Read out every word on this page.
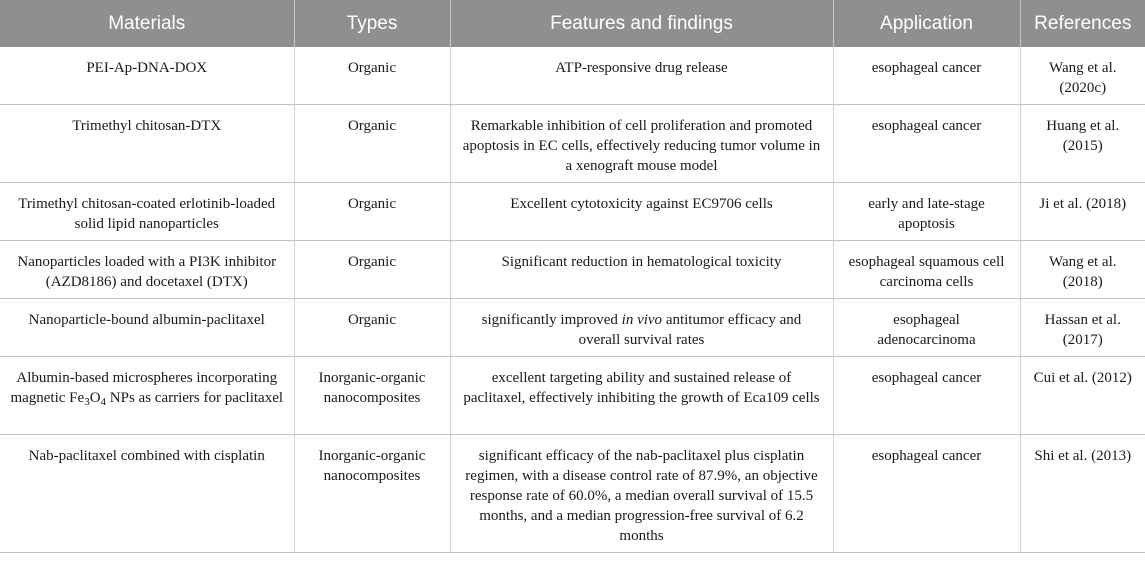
Materials	Types	Features and findings	Application	References
PEI-Ap-DNA-DOX	Organic	ATP-responsive drug release	esophageal cancer	Wang et al. (2020c)
Trimethyl chitosan-DTX	Organic	Remarkable inhibition of cell proliferation and promoted apoptosis in EC cells, effectively reducing tumor volume in a xenograft mouse model	esophageal cancer	Huang et al. (2015)
Trimethyl chitosan-coated erlotinib-loaded solid lipid nanoparticles	Organic	Excellent cytotoxicity against EC9706 cells	early and late-stage apoptosis	Ji et al. (2018)
Nanoparticles loaded with a PI3K inhibitor (AZD8186) and docetaxel (DTX)	Organic	Significant reduction in hematological toxicity	esophageal squamous cell carcinoma cells	Wang et al. (2018)
Nanoparticle-bound albumin-paclitaxel	Organic	significantly improved in vivo antitumor efficacy and overall survival rates	esophageal adenocarcinoma	Hassan et al. (2017)
Albumin-based microspheres incorporating magnetic $Fe_3O_4$ NPs as carriers for paclitaxel	Inorganic-organic nanocomposites	excellent targeting ability and sustained release of paclitaxel, effectively inhibiting the growth of Eca109 cells	esophageal cancer	Cui et al. (2012)
Nab-paclitaxel combined with cisplatin	Inorganic-organic nanocomposites	significant efficacy of the nab-paclitaxel plus cisplatin regimen, with a disease control rate of 87.9%, an objective response rate of 60.0%, a median overall survival of 15.5 months, and a median progression-free survival of 6.2 months	esophageal cancer	Shi et al. (2013)
